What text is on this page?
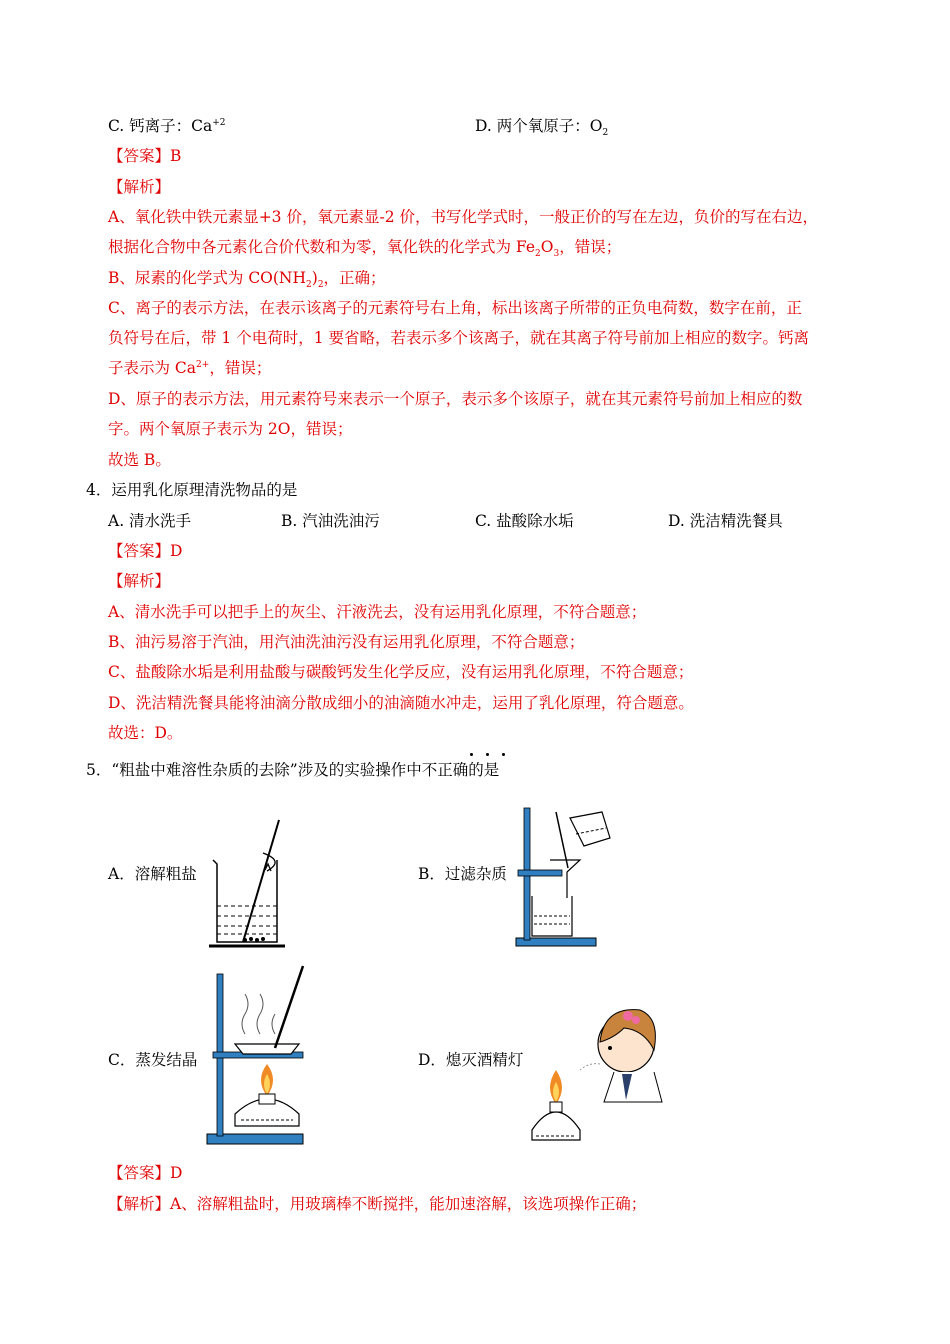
C. 钙离子：$Ca^{+2}$	D. 两个氧原子：$O_2$
【答案】B
【解析】
A、氧化铁中铁元素显+3 价，氧元素显-2 价，书写化学式时，一般正价的写在左边，负价的写在右边，
根据化合物中各元素化合价代数和为零，氧化铁的化学式为 $Fe_2O_3$，错误；
B、尿素的化学式为 $CO(NH_2)_2$，正确；
C、离子的表示方法，在表示该离子的元素符号右上角，标出该离子所带的正负电荷数，数字在前，正
负符号在后，带 1 个电荷时，1 要省略，若表示多个该离子，就在其离子符号前加上相应的数字。钙离
子表示为 $Ca^{2+}$，错误；
D、原子的表示方法，用元素符号来表示一个原子，表示多个该原子，就在其元素符号前加上相应的数
字。两个氧原子表示为 2O，错误；
故选 B。
4．运用乳化原理清洗物品的是
A. 清水洗手	B. 汽油洗油污	C. 盐酸除水垢	D. 洗洁精洗餐具
【答案】D
【解析】
A、清水洗手可以把手上的灰尘、汗液洗去，没有运用乳化原理，不符合题意；
B、油污易溶于汽油，用汽油洗油污没有运用乳化原理，不符合题意；
C、盐酸除水垢是利用盐酸与碳酸钙发生化学反应，没有运用乳化原理，不符合题意；
D、洗洁精洗餐具能将油滴分散成细小的油滴随水冲走，运用了乳化原理，符合题意。
故选：D。
5．“粗盐中难溶性杂质的去除”涉及的实验操作中不正确的是
A．溶解粗盐	B．过滤杂质
C．蒸发结晶	D．熄灭酒精灯
【答案】D
【解析】A、溶解粗盐时，用玻璃棒不断搅拌，能加速溶解，该选项操作正确；
